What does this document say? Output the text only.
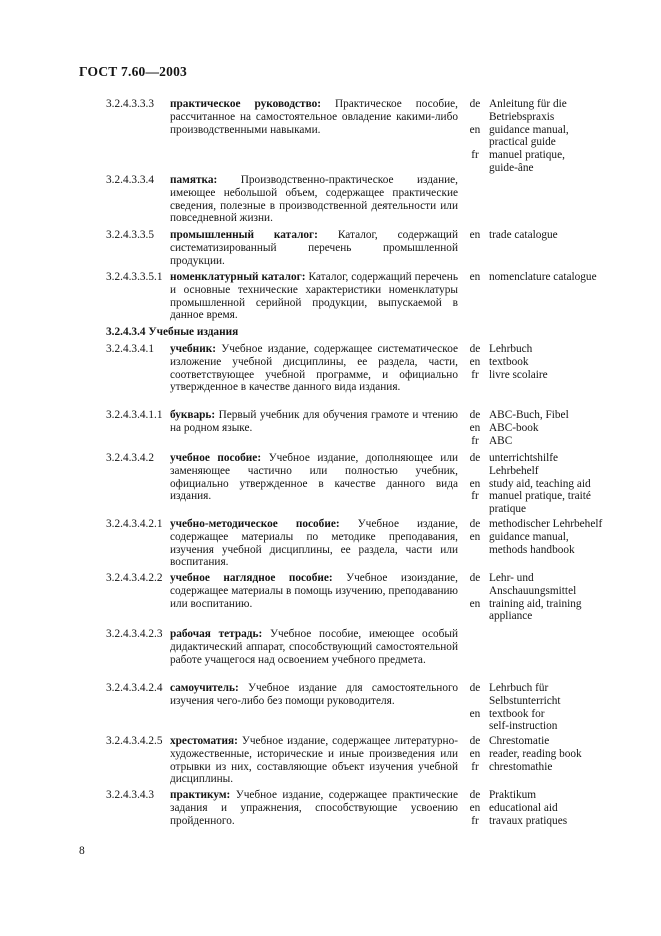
ГОСТ 7.60—2003
3.2.4.3.3.3 практическое руководство: Практическое пособие, рассчитанное на самостоятельное овладение какими-либо производственными навыками.
de Anleitung für die
Betriebspraxis
en guidance manual,
practical guide
fr manuel pratique,
guide-âne
3.2.4.3.3.4 памятка: Производственно-практическое издание, имеющее небольшой объем, содержащее практические сведения, полезные в производственной деятельности или повседневной жизни.
3.2.4.3.3.5 промышленный каталог: Каталог, содержащий систематизированный перечень промышленной продукции.
en trade catalogue
3.2.4.3.3.5.1 номенклатурный каталог: Каталог, содержащий перечень и основные технические характеристики номенклатуры промышленной серийной продукции, выпускаемой в данное время.
en nomenclature catalogue
3.2.4.3.4 Учебные издания
3.2.4.3.4.1 учебник: Учебное издание, содержащее систематическое изложение учебной дисциплины, ее раздела, части, соответствующее учебной программе, и официально утвержденное в качестве данного вида издания.
de Lehrbuch
en textbook
fr livre scolaire
3.2.4.3.4.1.1 букварь: Первый учебник для обучения грамоте и чтению на родном языке.
de ABC-Buch, Fibel
en ABC-book
fr ABC
3.2.4.3.4.2 учебное пособие: Учебное издание, дополняющее или заменяющее частично или полностью учебник, официально утвержденное в качестве данного вида издания.
de unterrichtshilfe
Lehrbehelf
en study aid, teaching aid
fr manuel pratique, traité
pratique
3.2.4.3.4.2.1 учебно-методическое пособие: Учебное издание, содержащее материалы по методике преподавания, изучения учебной дисциплины, ее раздела, части или воспитания.
de methodischer Lehrbehelf
en guidance manual,
methods handbook
3.2.4.3.4.2.2 учебное наглядное пособие: Учебное изоиздание, содержащее материалы в помощь изучению, преподаванию или воспитанию.
de Lehr- und
Anschauungsmittel
en training aid, training
appliance
3.2.4.3.4.2.3 рабочая тетрадь: Учебное пособие, имеющее особый дидактический аппарат, способствующий самостоятельной работе учащегося над освоением учебного предмета.
3.2.4.3.4.2.4 самоучитель: Учебное издание для самостоятельного изучения чего-либо без помощи руководителя.
de Lehrbuch für
Selbstunterricht
en textbook for
self-instruction
3.2.4.3.4.2.5 хрестоматия: Учебное издание, содержащее литературно-художественные, исторические и иные произведения или отрывки из них, составляющие объект изучения учебной дисциплины.
de Chrestomatie
en reader, reading book
fr chrestomathie
3.2.4.3.4.3 практикум: Учебное издание, содержащее практические задания и упражнения, способствующие усвоению пройденного.
de Praktikum
en educational aid
fr travaux pratiques
8
